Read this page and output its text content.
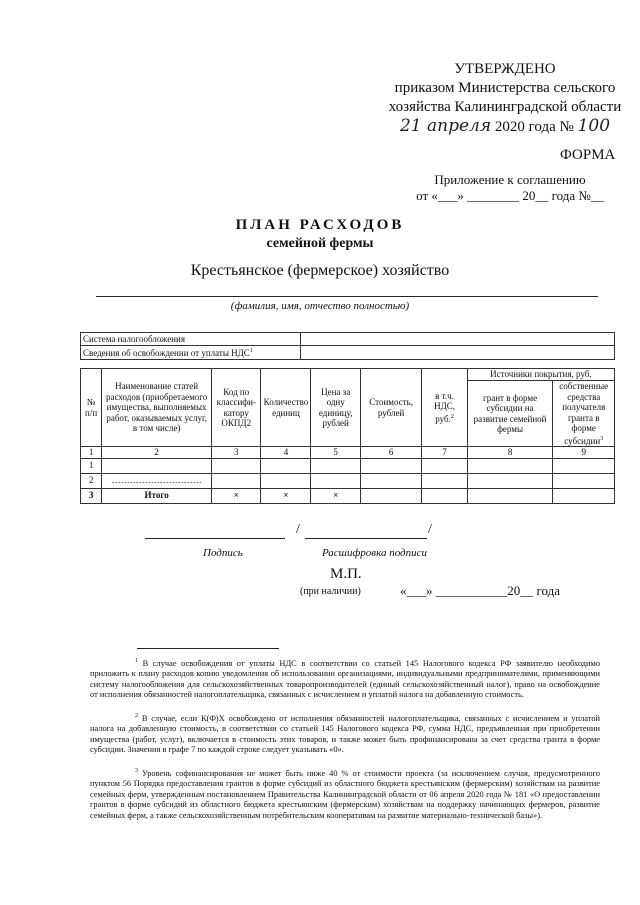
УТВЕРЖДЕНО
приказом Министерства сельского
хозяйства Калининградской области
21 апреля 2020 года № 100
ФОРМА
Приложение к соглашению
от «___» ________ 20__ года №__
ПЛАН РАСХОДОВ
семейной фермы
Крестьянское (фермерское) хозяйство
(фамилия, имя, отчество полностью)
Система налогообложения	
Сведения об освобождении от уплаты НДС$^1$	
№ п/п	Наименование статей расходов (приобретаемого имущества, выполняемых работ, оказываемых услуг, в том числе)	Код по классифи-катору ОКПД2	Количество единиц	Цена за одну единицу, рублей	Стоимость, рублей	в т.ч. НДС, руб.$^2$	Источники покрытия, руб.	
							грант в форме субсидии на развитие семейной фермы	собственные средства получателя гранта в форме субсидии$^3$
1	2	3	4	5	6	7	8	9
1								
2	…………………………							
3	Итого	×	×	×				
/	/
Подпись	Расшифровка подписи
М.П.
(при наличии)	«___» ___________20__ года
$^1$ В случае освобождения от уплаты НДС в соответствии со статьей 145 Налогового кодекса РФ заявителю необходимо приложить к плану расходов копию уведомления об использовании организациями, индивидуальными предпринимателями, применяющими систему налогообложения для сельскохозяйственных товаропроизводителей (единый сельскохозяйственный налог), право на освобождение от исполнения обязанностей налогоплательщика, связанных с исчислением и уплатой налога на добавленную стоимость.
$^2$ В случае, если К(Ф)Х освобождено от исполнения обязанностей налогоплательщика, связанных с исчислением и уплатой налога на добавленную стоимость, в соответствии со статьей 145 Налогового кодекса РФ, сумма НДС, предъявленная при приобретении имущества (работ, услуг), включается в стоимость этих товаров, и также может быть профинансирована за счет средства гранта в форме субсидии. Значения в графе 7 по каждой строке следует указывать «0».
$^3$ Уровень софинансирования не может быть ниже 40 % от стоимости проекта (за исключением случая, предусмотренного пунктом 56 Порядка предоставления грантов в форме субсидий из областного бюджета крестьянским (фермерским) хозяйствам на развитие семейных ферм, утвержденным постановлением Правительства Калининградской области от 06 апреля 2020 года № 181 «О предоставлении грантов в форме субсидий из областного бюджета крестьянским (фермерским) хозяйствам на поддержку начинающих фермеров, развитие семейных ферм, а также сельскохозяйственным потребительским кооперативам на развитие материально-технической базы»).
